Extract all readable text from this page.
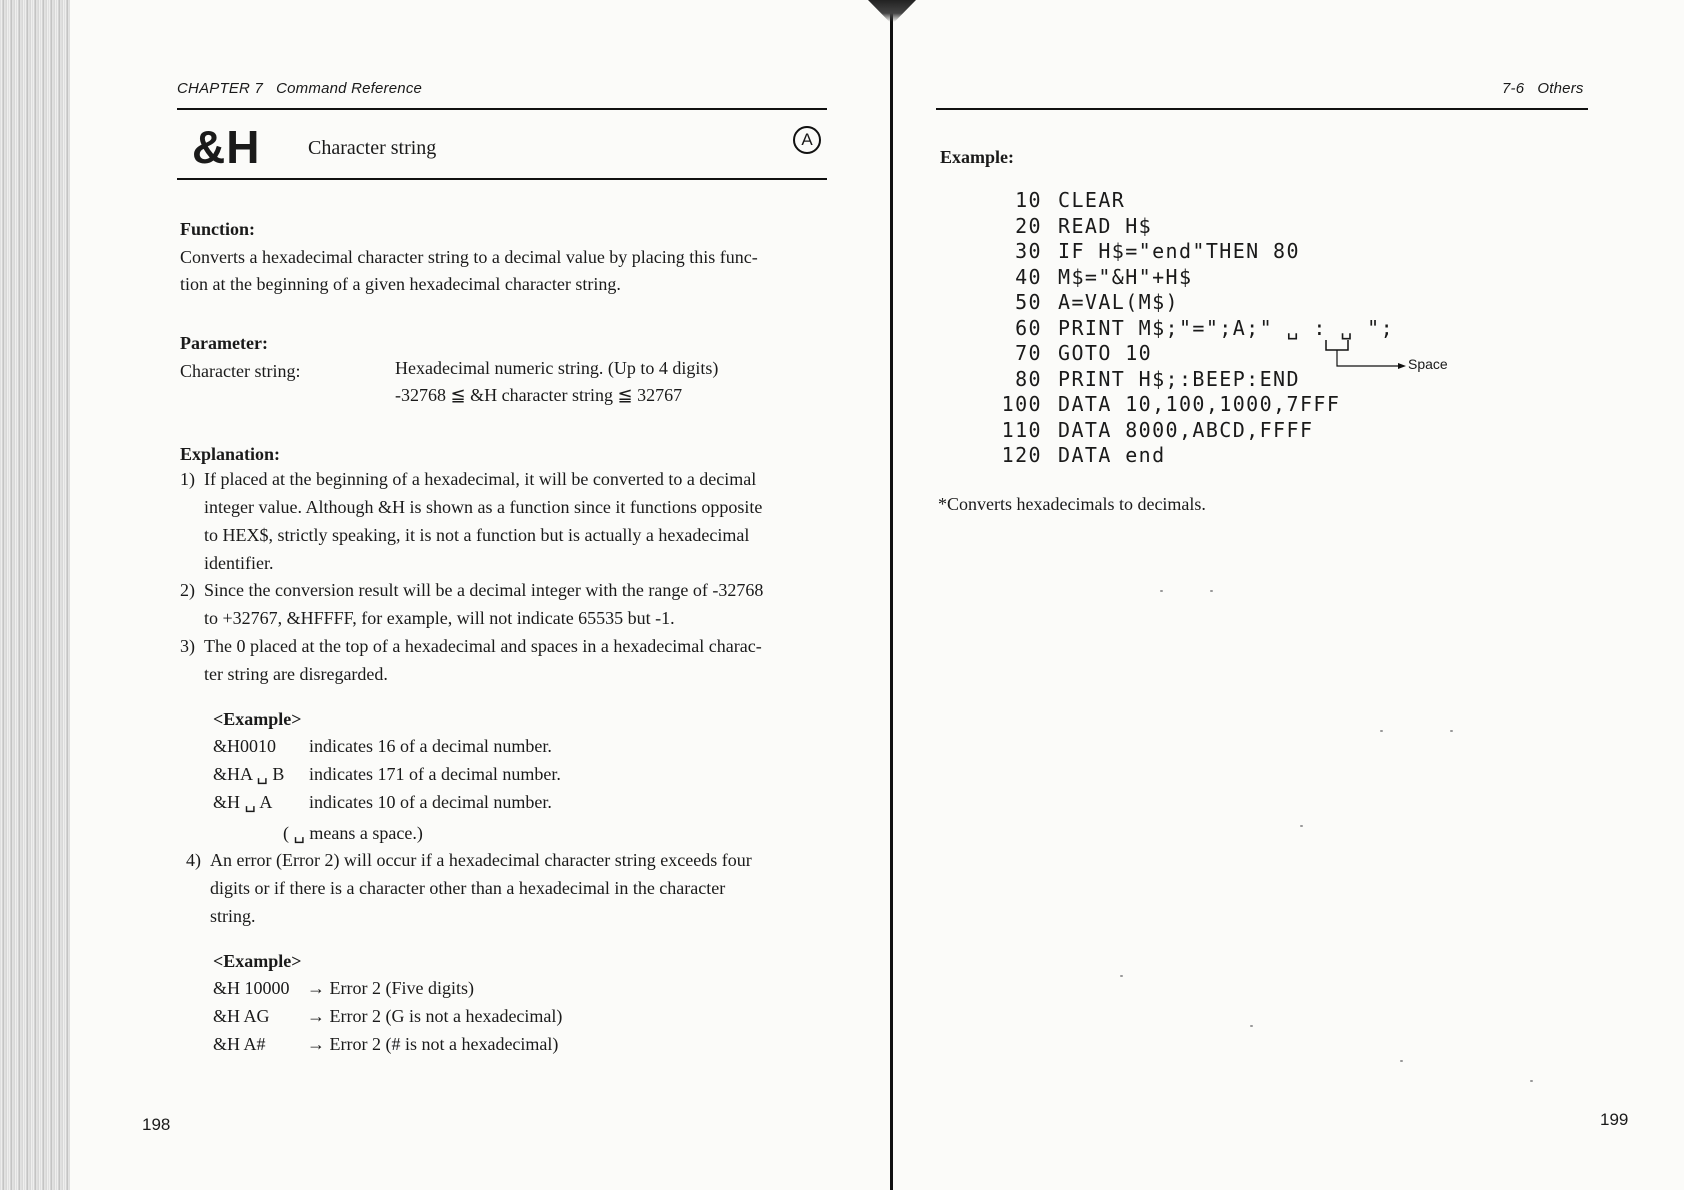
CHAPTER 7 Command Reference
&H Character string	A
Function:
Converts a hexadecimal character string to a decimal value by placing this func-
tion at the beginning of a given hexadecimal character string.
Parameter:
Character string:	Hexadecimal numeric string. (Up to 4 digits)
-32768 ≦ &H character string ≦ 32767
Explanation:
1) If placed at the beginning of a hexadecimal, it will be converted to a decimal
integer value. Although &H is shown as a function since it functions opposite
to HEX$, strictly speaking, it is not a function but is actually a hexadecimal
identifier.
2) Since the conversion result will be a decimal integer with the range of -32768
to +32767, &HFFFF, for example, will not indicate 65535 but -1.
3) The 0 placed at the top of a hexadecimal and spaces in a hexadecimal charac-
ter string are disregarded.
<Example>
&H0010 indicates 16 of a decimal number.
&HA ␣ B indicates 171 of a decimal number.
&H ␣ A indicates 10 of a decimal number.
( ␣ means a space.)
4) An error (Error 2) will occur if a hexadecimal character string exceeds four
digits or if there is a character other than a hexadecimal in the character
string.
<Example>
&H 10000 → Error 2 (Five digits)
&H AG → Error 2 (G is not a hexadecimal)
&H A# → Error 2 (# is not a hexadecimal)
198
7-6 Others
Example:
10 CLEAR
20 READ H$
30 IF H$="end"THEN 80
40 M$="&H"+H$
50 A=VAL(M$)
60 PRINT M$;"=";A;" ␣ : ␣ ";
70 GOTO 10
80 PRINT H$;:BEEP:END
100 DATA 10,100,1000,7FFF
110 DATA 8000,ABCD,FFFF
120 DATA end
Space
*Converts hexadecimals to decimals.
199
